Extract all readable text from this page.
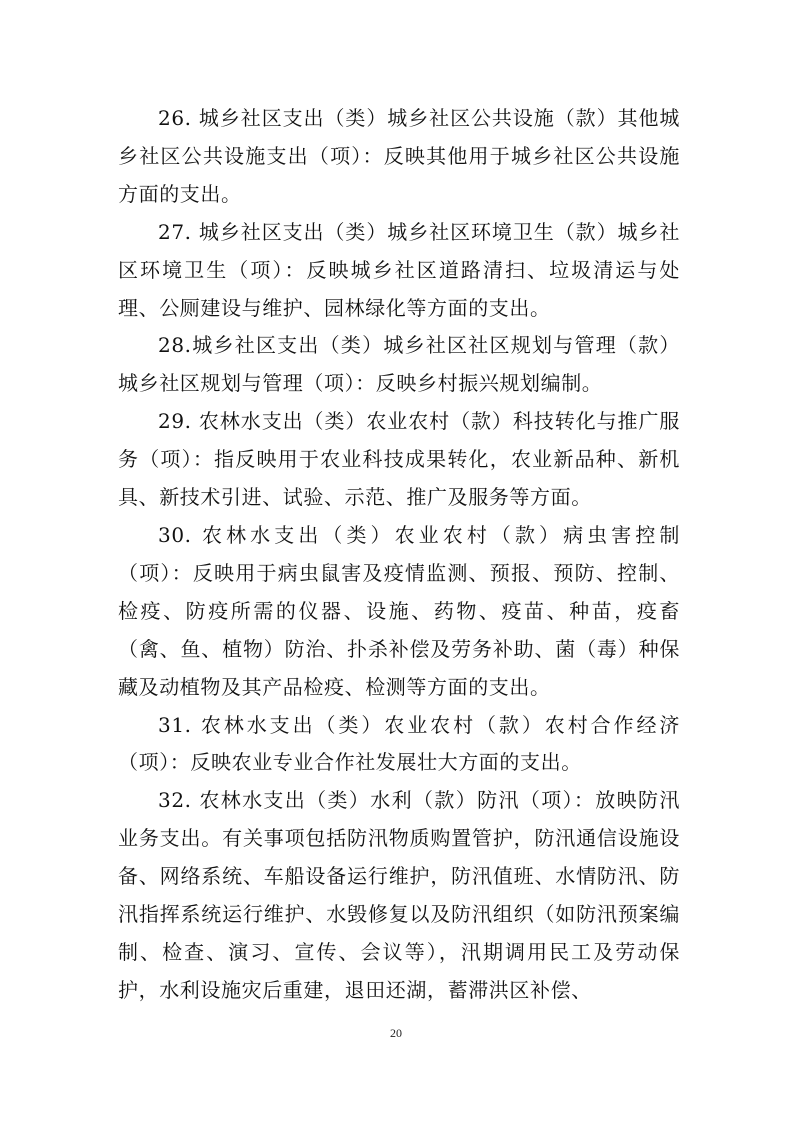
26. 城乡社区支出（类）城乡社区公共设施（款）其他城乡社区公共设施支出（项）：反映其他用于城乡社区公共设施方面的支出。

27. 城乡社区支出（类）城乡社区环境卫生（款）城乡社区环境卫生（项）：反映城乡社区道路清扫、垃圾清运与处理、公厕建设与维护、园林绿化等方面的支出。

28.城乡社区支出（类）城乡社区社区规划与管理（款）城乡社区规划与管理（项）：反映乡村振兴规划编制。

29. 农林水支出（类）农业农村（款）科技转化与推广服务（项）：指反映用于农业科技成果转化，农业新品种、新机具、新技术引进、试验、示范、推广及服务等方面。

30. 农林水支出（类）农业农村（款）病虫害控制（项）：反映用于病虫鼠害及疫情监测、预报、预防、控制、检疫、防疫所需的仪器、设施、药物、疫苗、种苗，疫畜（禽、鱼、植物）防治、扑杀补偿及劳务补助、菌（毒）种保藏及动植物及其产品检疫、检测等方面的支出。

31. 农林水支出（类）农业农村（款）农村合作经济（项）：反映农业专业合作社发展壮大方面的支出。

32. 农林水支出（类）水利（款）防汛（项）：放映防汛业务支出。有关事项包括防汛物质购置管护，防汛通信设施设备、网络系统、车船设备运行维护，防汛值班、水情防汛、防汛指挥系统运行维护、水毁修复以及防汛组织（如防汛预案编制、检查、演习、宣传、会议等），汛期调用民工及劳动保护，水利设施灾后重建，退田还湖，蓄滞洪区补偿、

20
